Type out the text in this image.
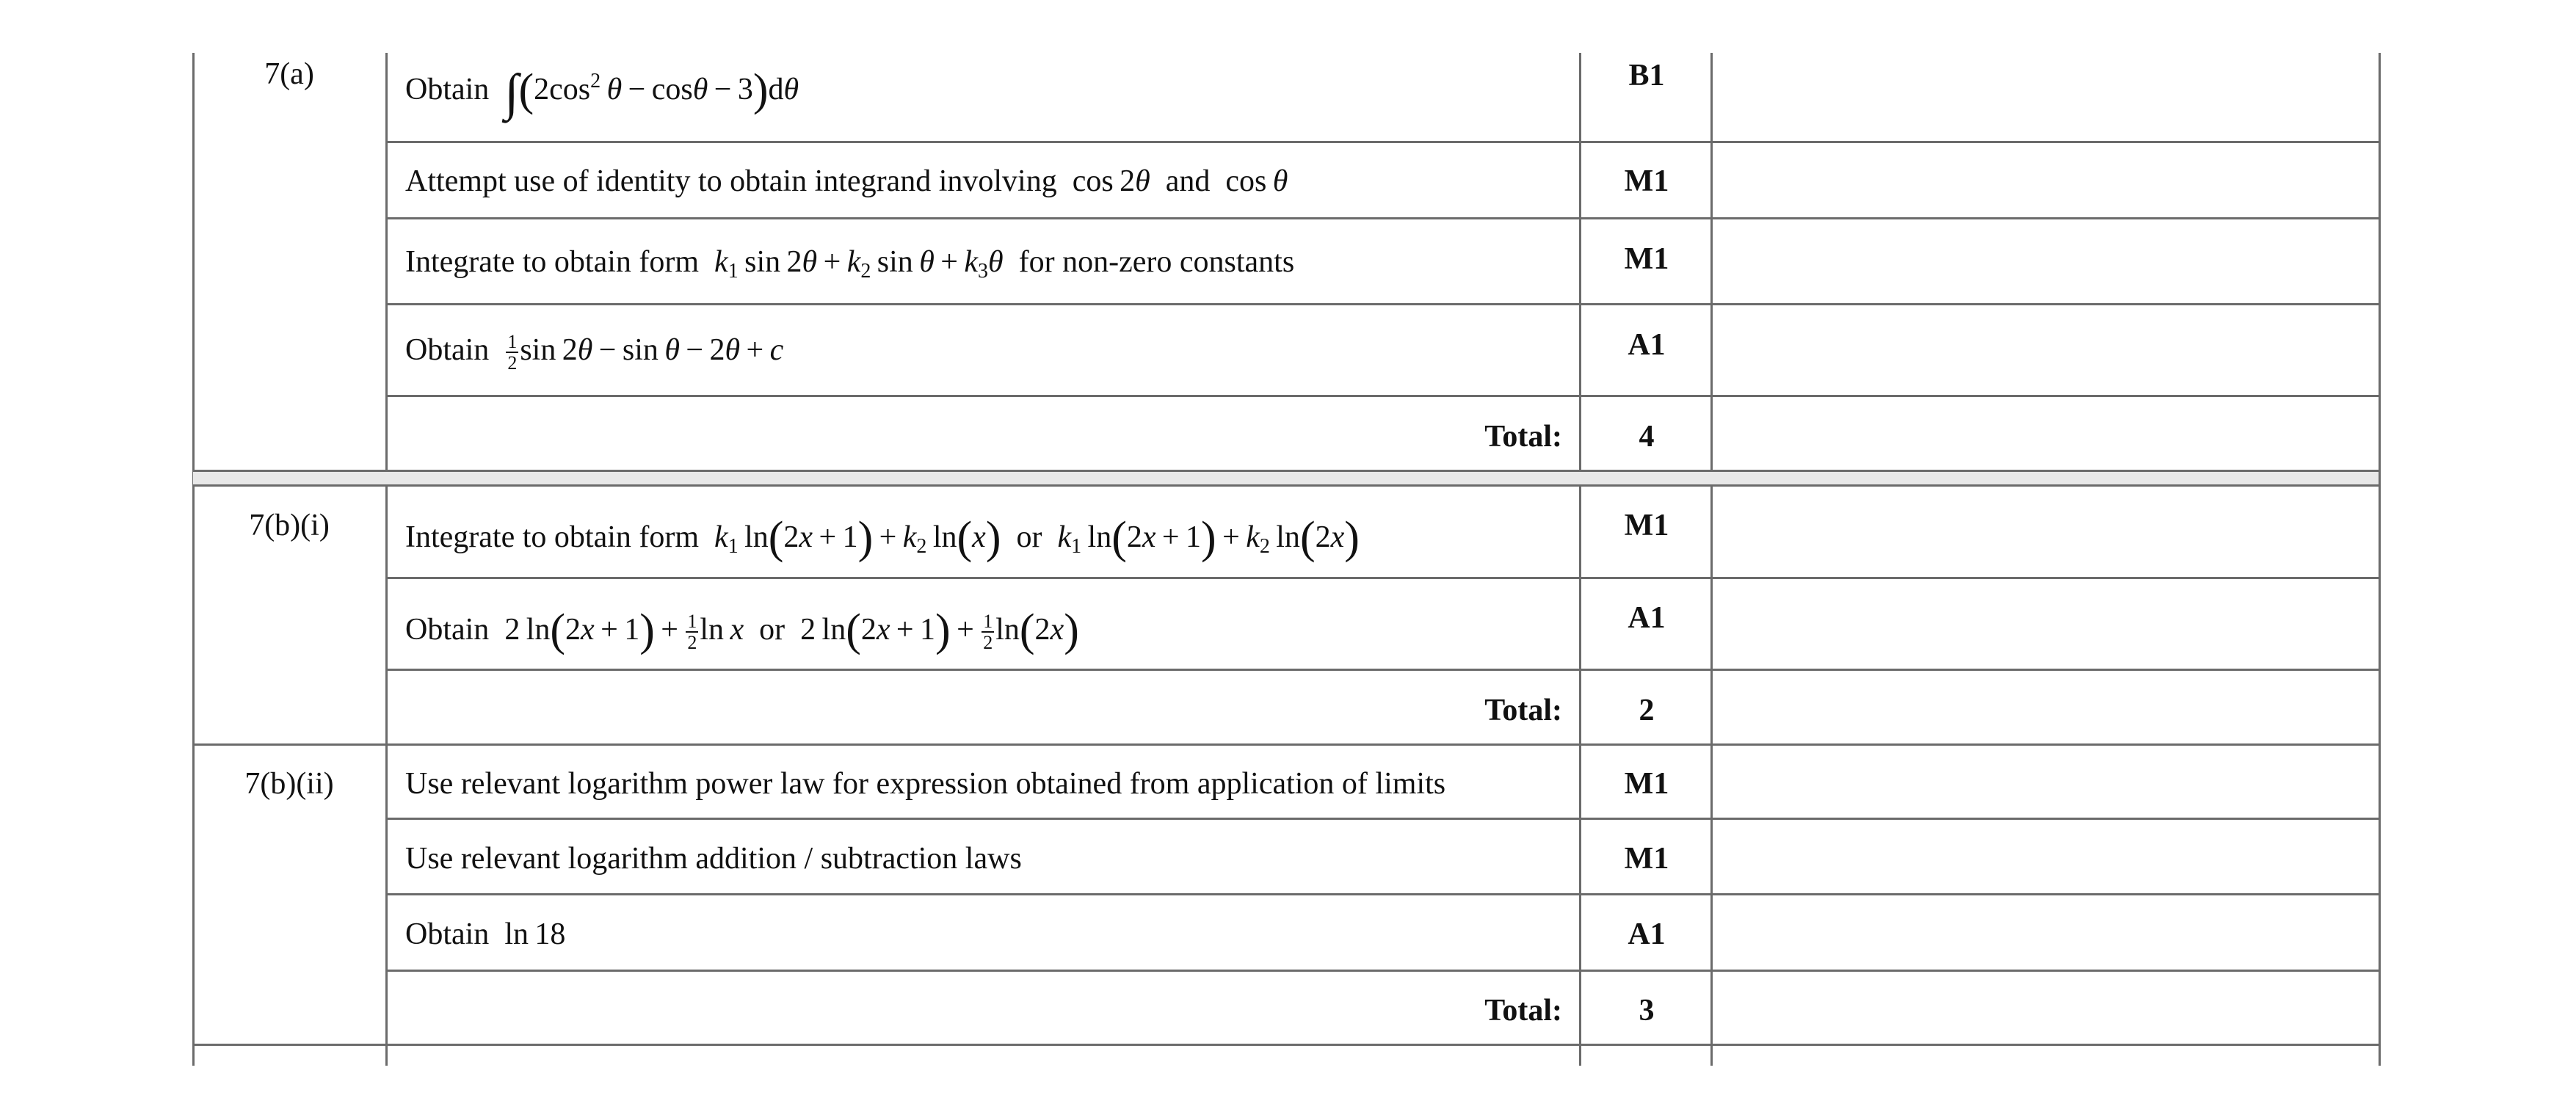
7(a)	Obtain $\int(2\cos^2$  θ − cosθ − 3)dθ	B1
Attempt use of identity to obtain integrand involving  cos 2θ  and  cos θ	M1
Integrate to obtain form $k_1$ $\sin 2\theta + k_2$ $\sin \theta + k_3\theta$ for non-zero constants	M1
Obtain $\frac{1}{2}$ sin 2θ − sin θ − 2θ + c	A1
Total:	4
7(b)(i)	Integrate to obtain form $k_1$ $\ln(2x + 1) + k_2$ ln(x)  or  $k_1$ $\ln(2x + 1) + k_2$ ln(2x)	M1
Obtain  2 $\ln(2x + 1) + \frac{1}{2}$ ln x  or  2 $\ln(2x + 1) + \frac{1}{2} \ln(2x)$	A1
Total:	2
7(b)(ii)	Use relevant logarithm power law for expression obtained from application of limits	M1
Use relevant logarithm addition / subtraction laws	M1
Obtain  ln 18	A1
Total:	3
